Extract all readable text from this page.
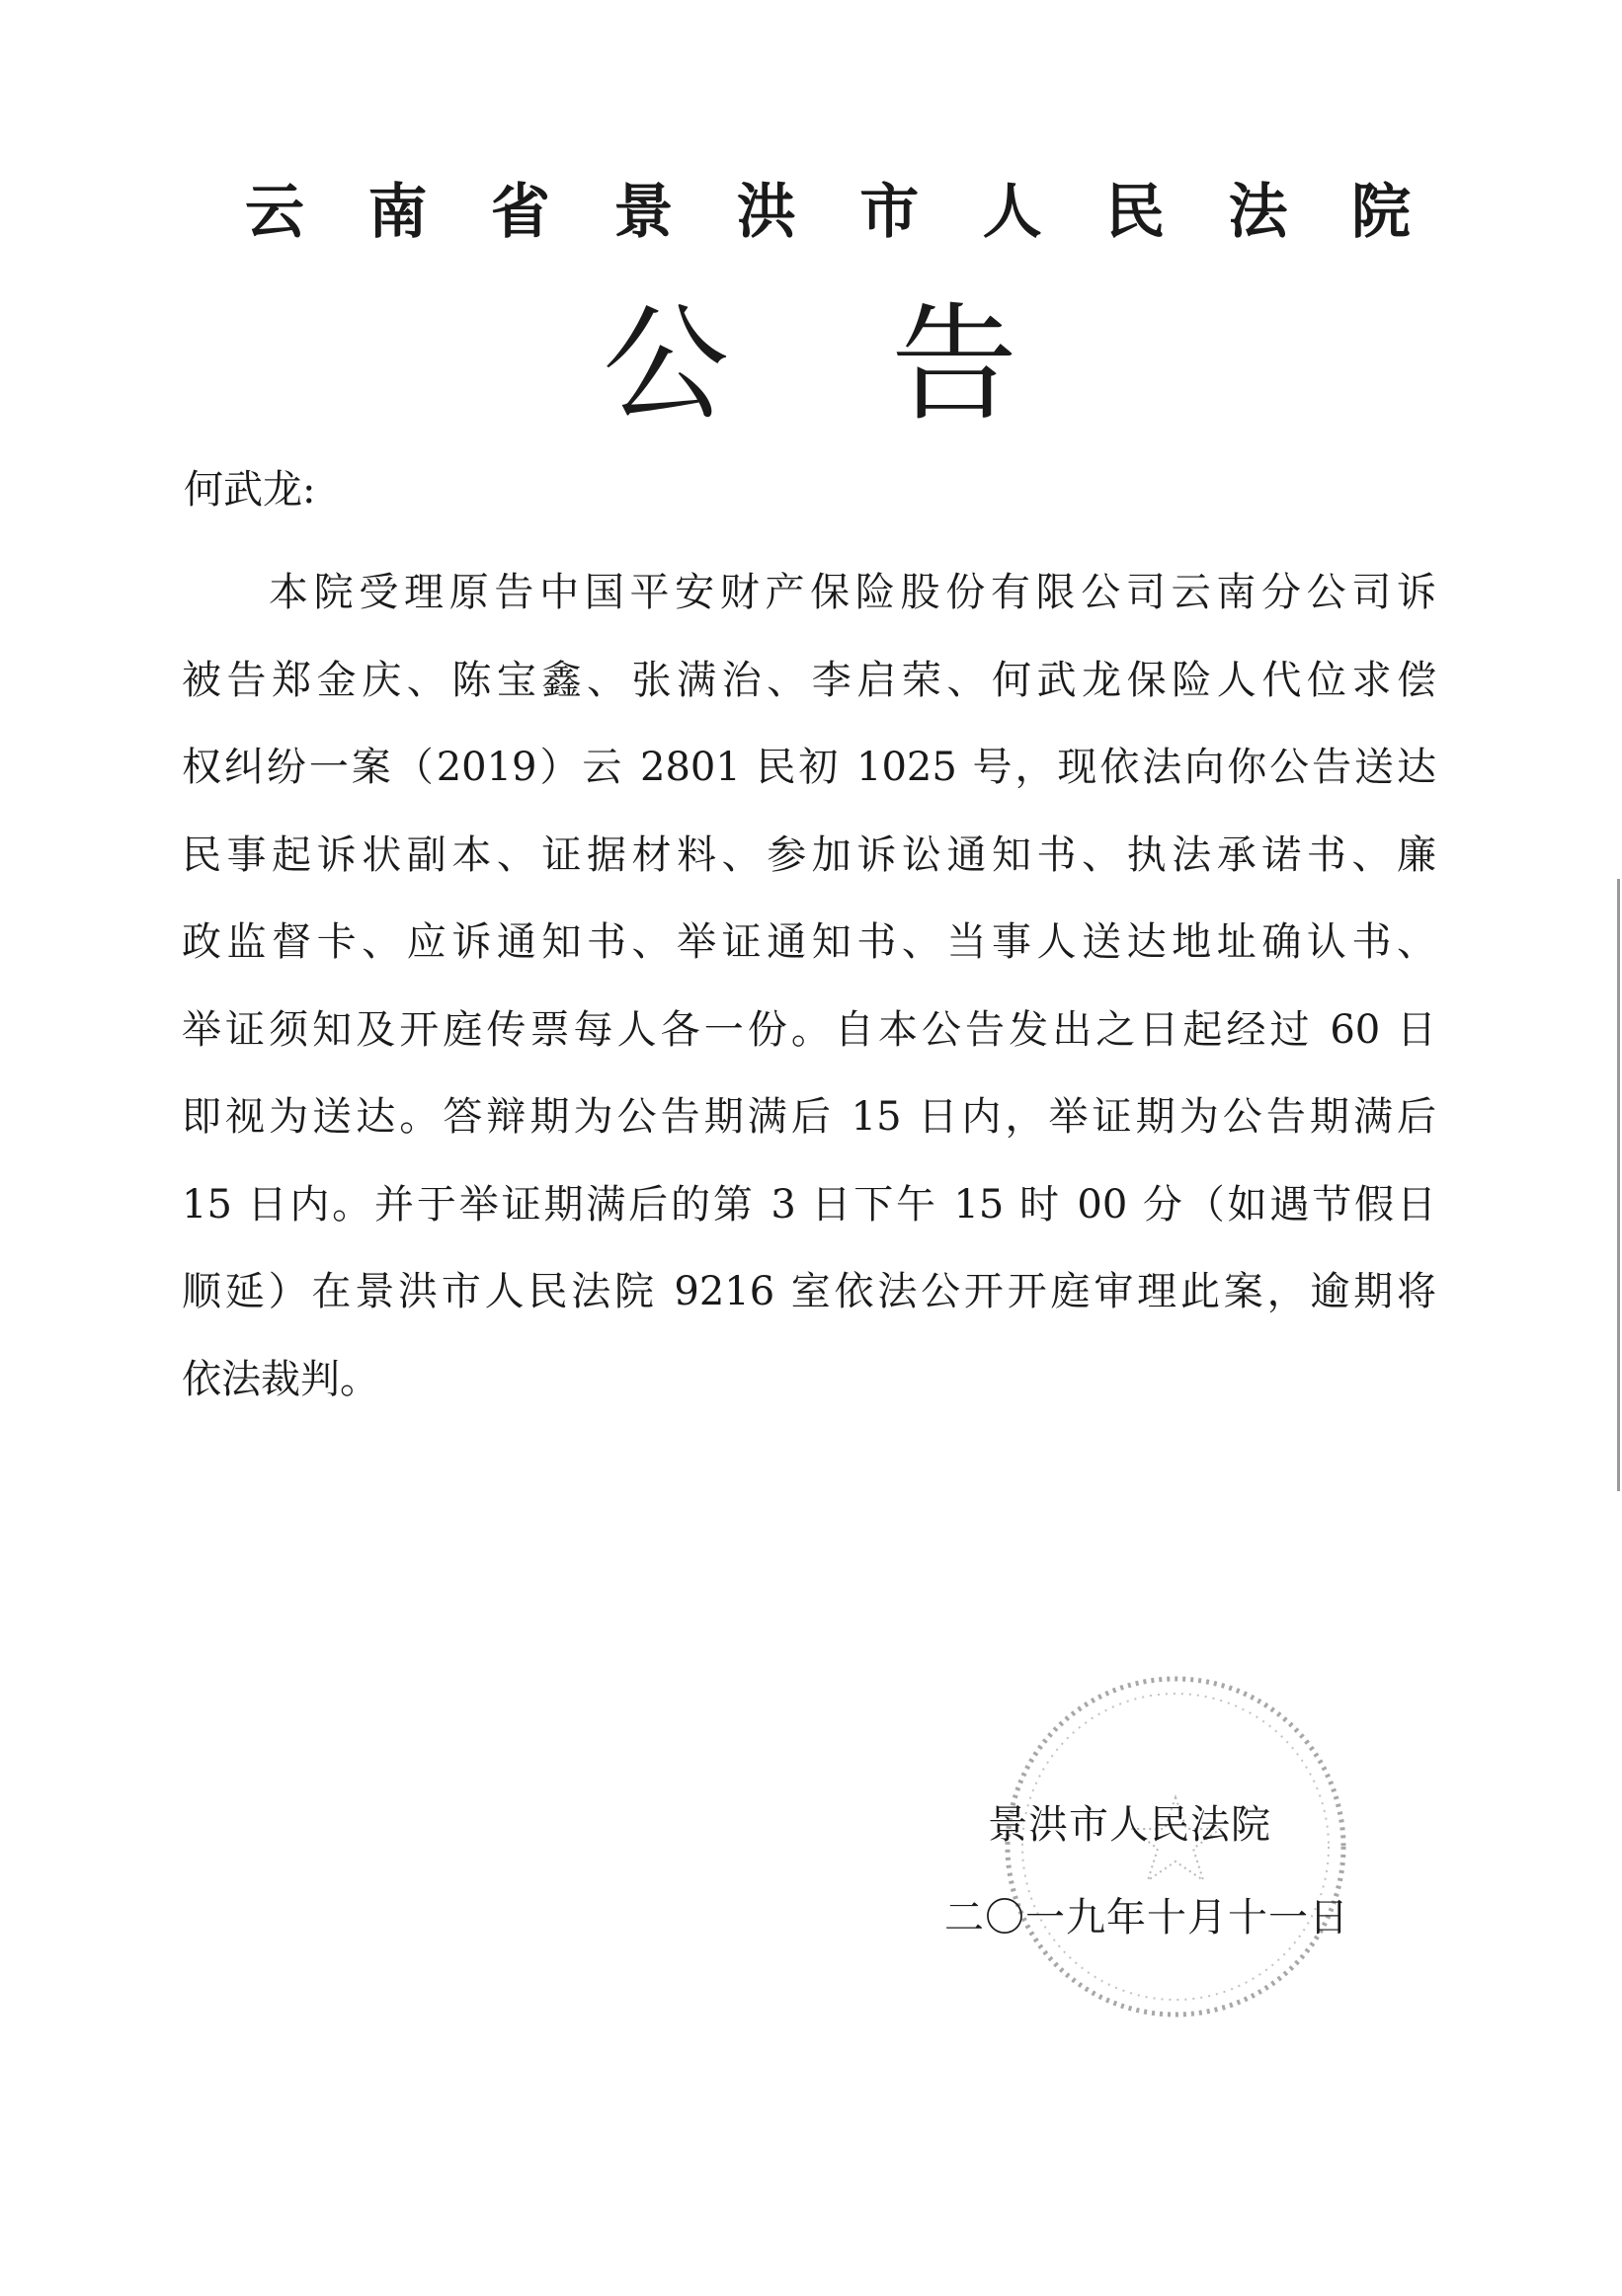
云 南 省 景 洪 市 人 民 法 院
公 告
何武龙:
本院受理原告中国平安财产保险股份有限公司云南分公司诉
被告郑金庆、陈宝鑫、张满治、李启荣、何武龙保险人代位求偿
权纠纷一案（2019）云 2801 民初 1025 号，现依法向你公告送达
民事起诉状副本、证据材料、参加诉讼通知书、执法承诺书、廉
政监督卡、应诉通知书、举证通知书、当事人送达地址确认书、
举证须知及开庭传票每人各一份。自本公告发出之日起经过 60 日
即视为送达。答辩期为公告期满后 15 日内，举证期为公告期满后
15 日内。并于举证期满后的第 3 日下午 15 时 00 分（如遇节假日
顺延）在景洪市人民法院 9216 室依法公开开庭审理此案，逾期将
依法裁判。
景洪市人民法院
二〇一九年十月十一日
